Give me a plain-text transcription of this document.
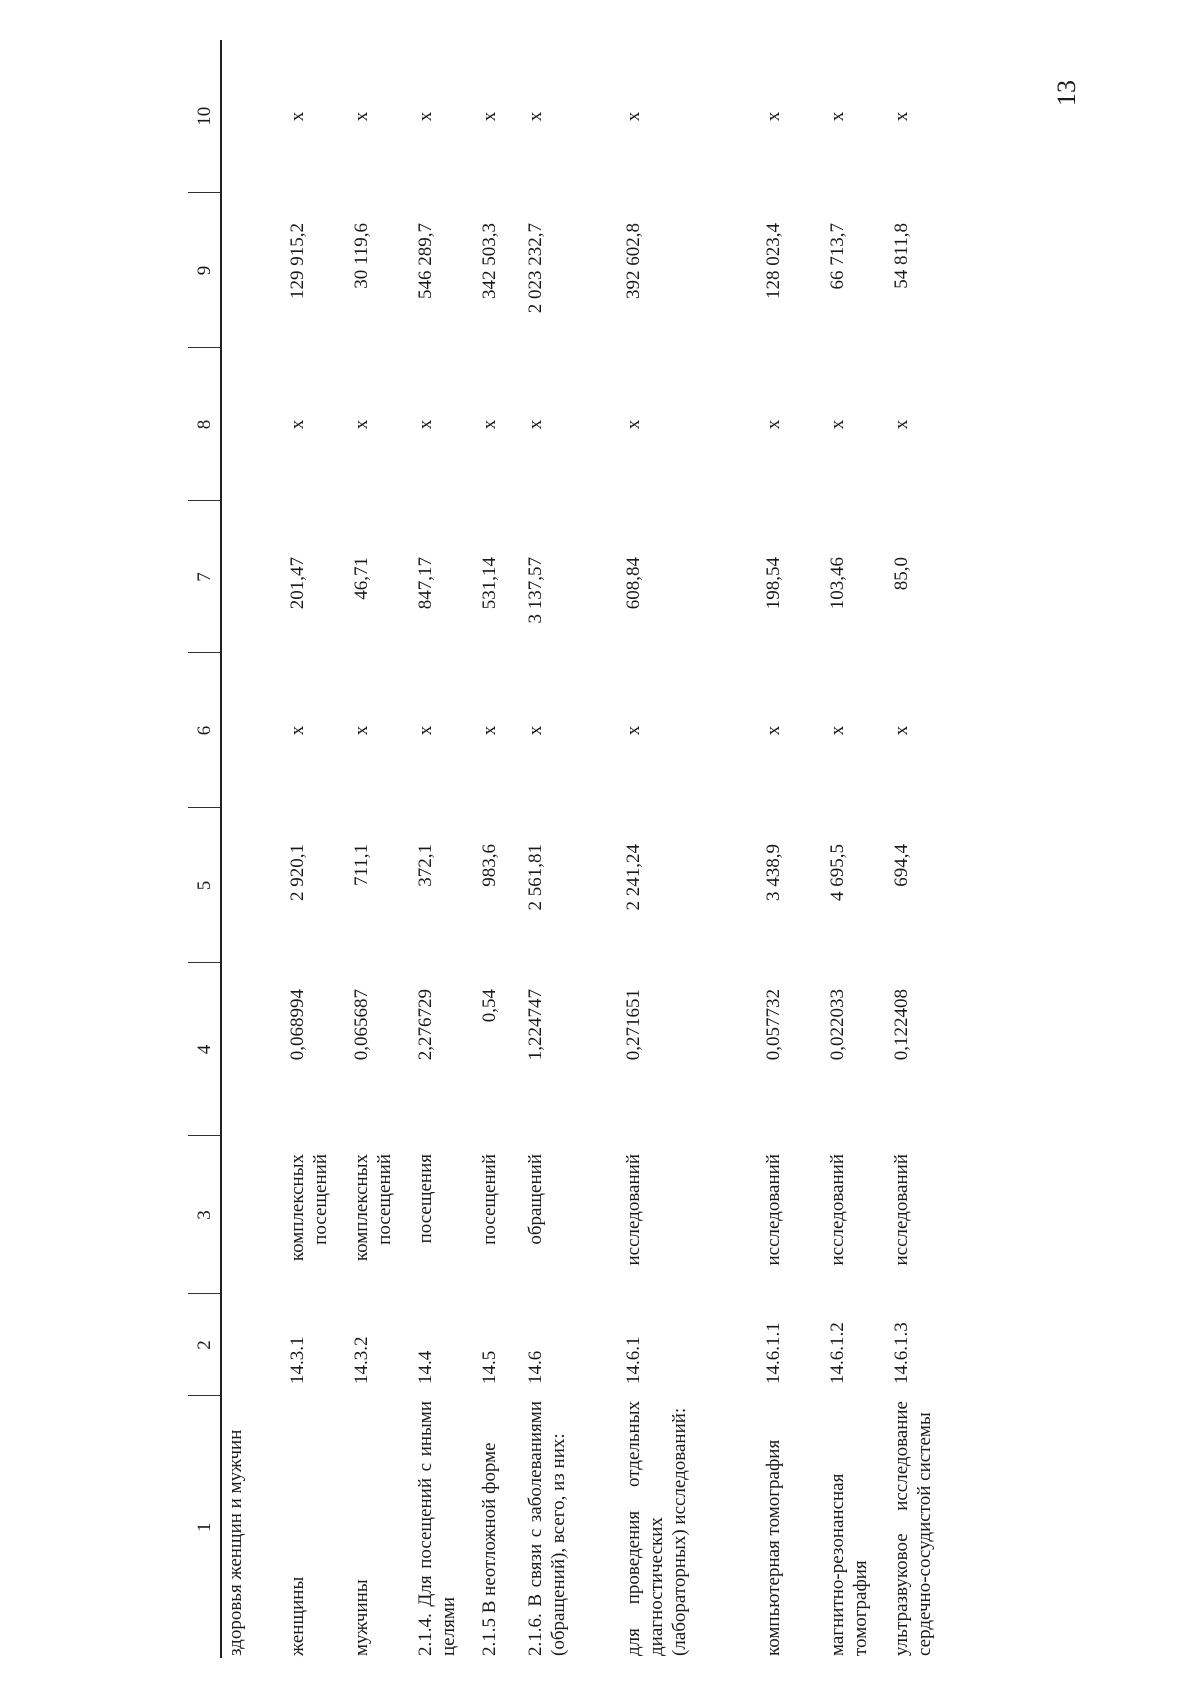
13
1	2	3	4	5	6	7	8	9	10
здоровья женщин и мужчин									
женщины	14.3.1	комплексных посещений	0,068994	2 920,1	х	201,47	х	129 915,2	х
мужчины	14.3.2	комплексных посещений	0,065687	711,1	х	46,71	х	30 119,6	х
2.1.4. Для посещений с иными целями	14.4	посещения	2,276729	372,1	х	847,17	х	546 289,7	х
2.1.5 В неотложной форме	14.5	посещений	0,54	983,6	х	531,14	х	342 503,3	х
2.1.6. В связи с заболеваниями (обращений), всего, из них:	14.6	обращений	1,224747	2 561,81	х	3 137,57	х	2 023 232,7	х
для проведения отдельных диагностических (лабораторных) исследований:	14.6.1	исследований	0,271651	2 241,24	х	608,84	х	392 602,8	х
компьютерная томография	14.6.1.1	исследований	0,057732	3 438,9	х	198,54	х	128 023,4	х
магнитно-резонансная томография	14.6.1.2	исследований	0,022033	4 695,5	х	103,46	х	66 713,7	х
ультразвуковое исследование сердечно-сосудистой системы	14.6.1.3	исследований	0,122408	694,4	х	85,0	х	54 811,8	х
